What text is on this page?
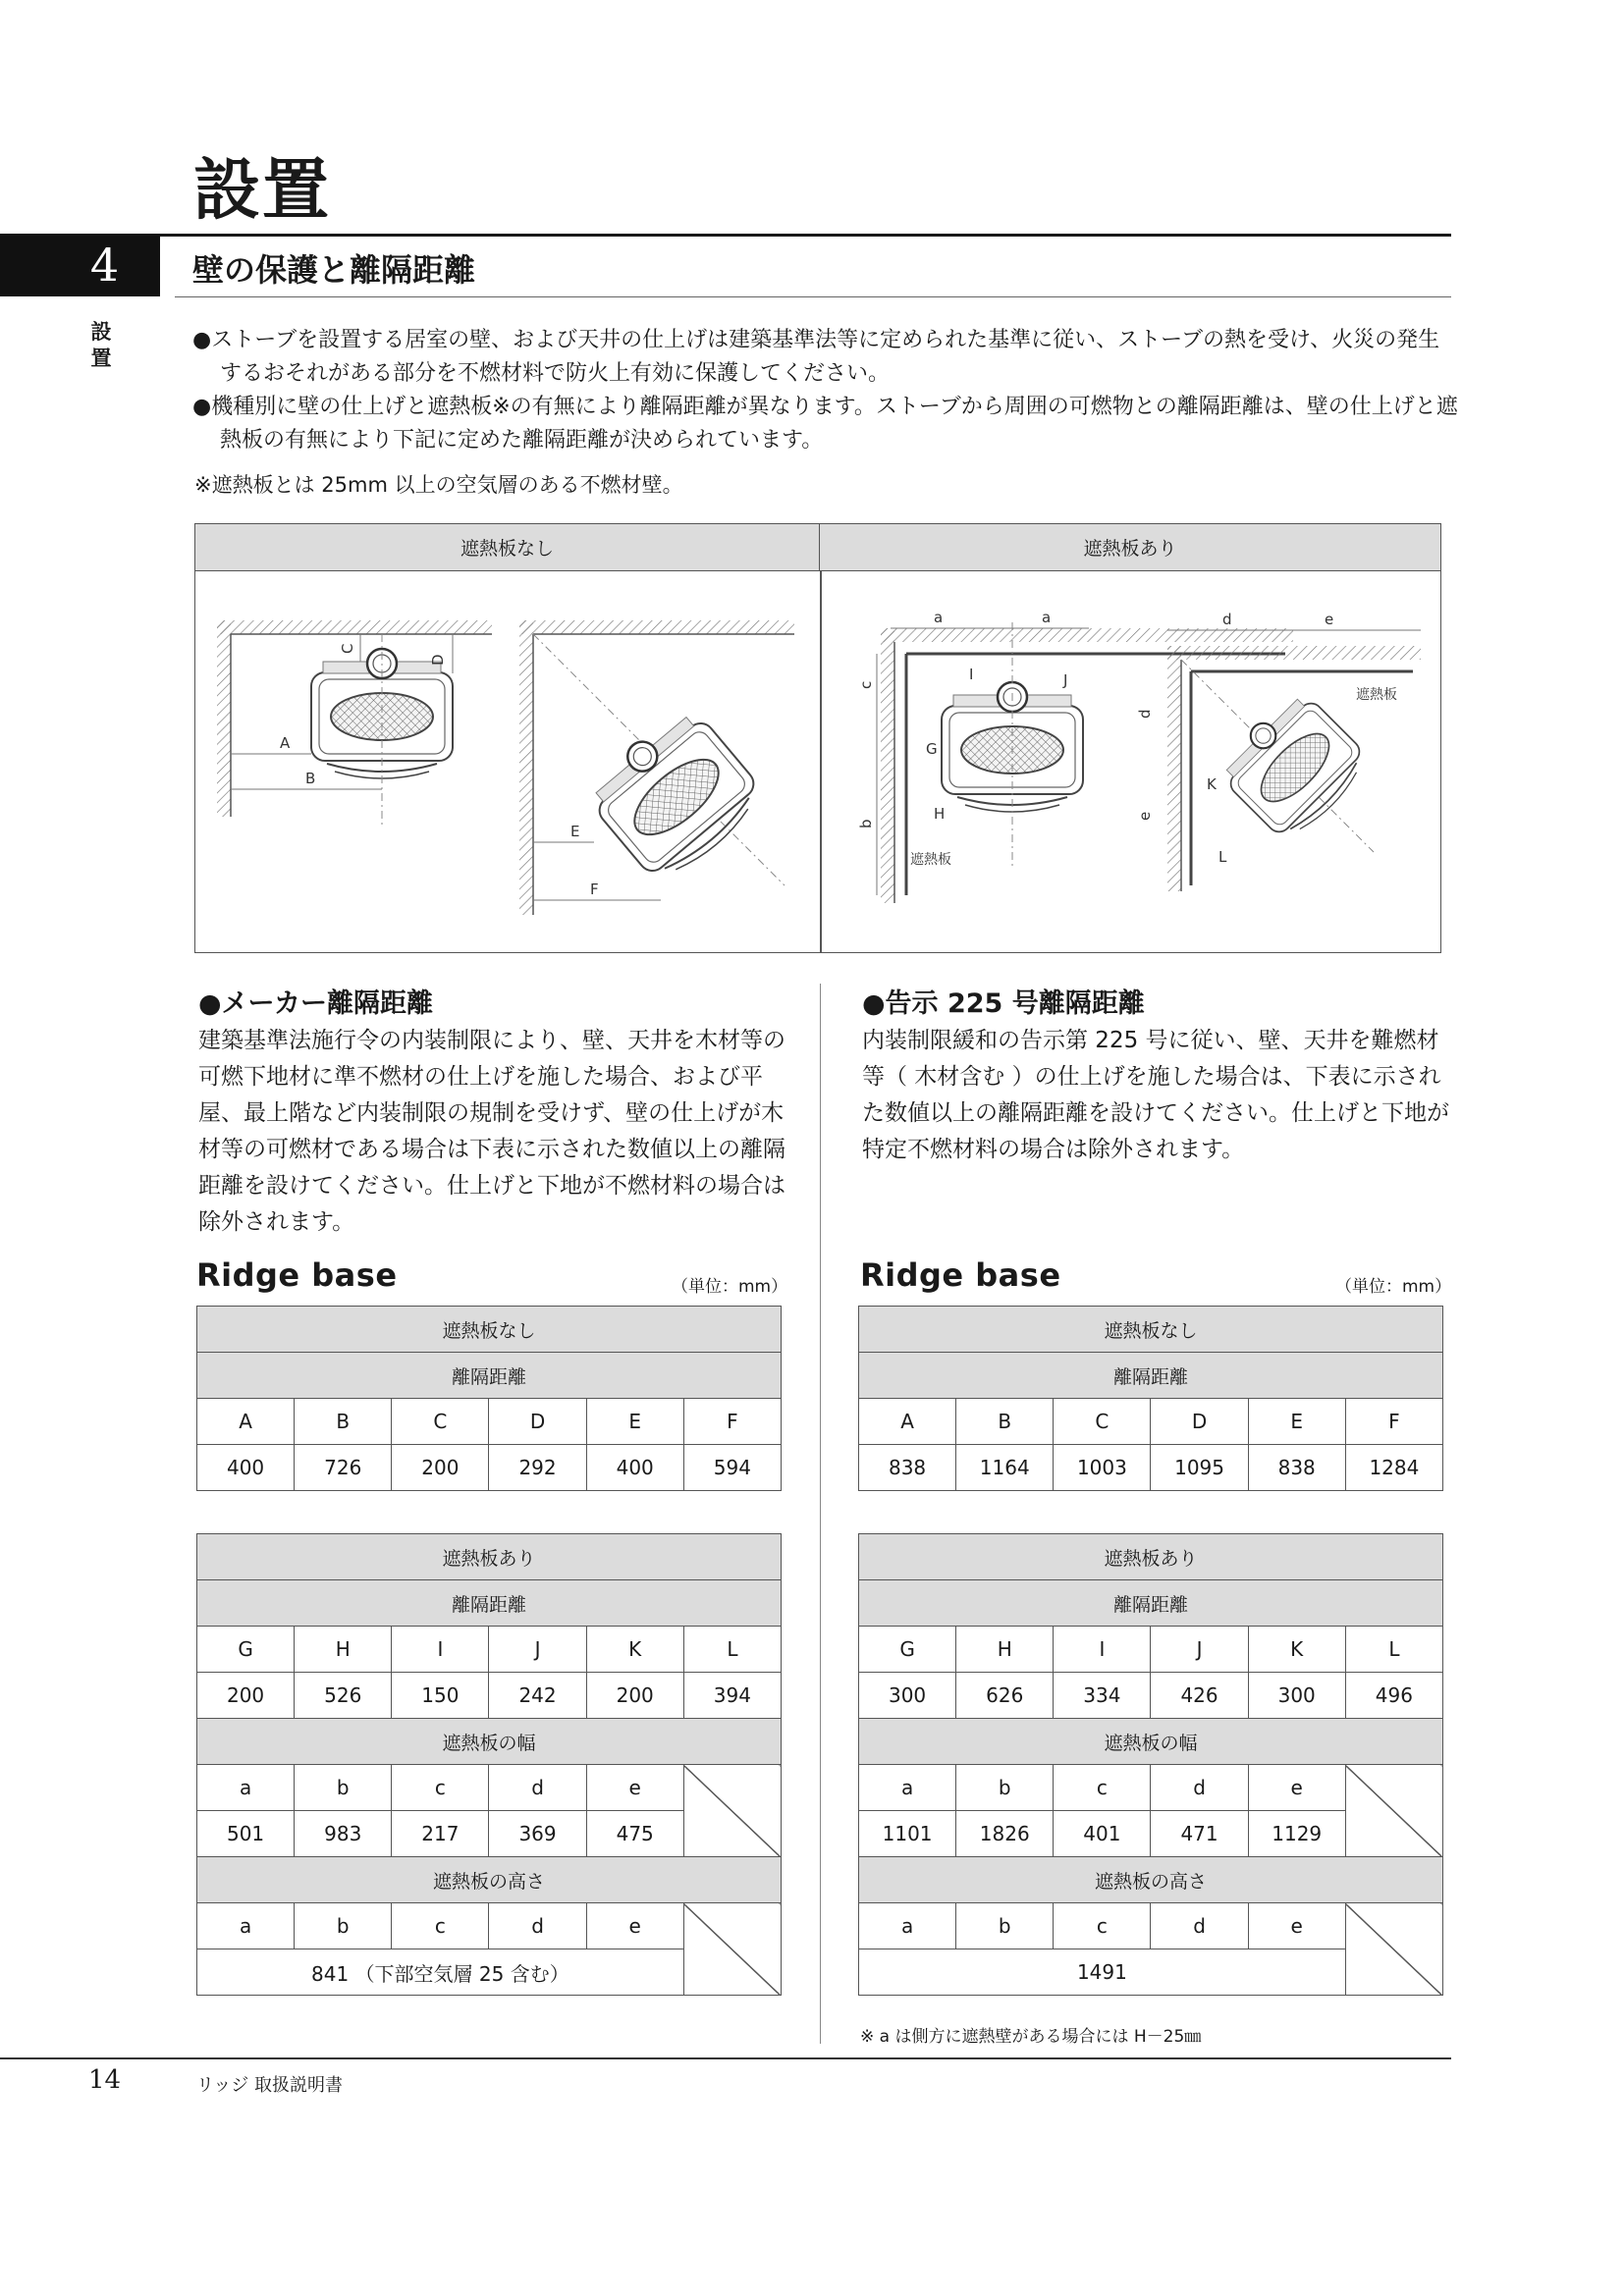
設置
4	壁の保護と離隔距離
設置
●ストーブを設置する居室の壁、および天井の仕上げは建築基準法等に定められた基準に従い、ストーブの熱を受け、火災の発生するおそれがある部分を不燃材料で防火上有効に保護してください。
●機種別に壁の仕上げと遮熱板※の有無により離隔距離が異なります。ストーブから周囲の可燃物との離隔距離は、壁の仕上げと遮熱板の有無により下記に定めた離隔距離が決められています。
※遮熱板とは 25mm 以上の空気層のある不燃材壁。
遮熱板なし	遮熱板あり
A
B
C
D
E
F
a	a
c
b
G
H
I	J
遮熱板
d	e
d
e
K
L
遮熱板
●メーカー離隔距離
建築基準法施行令の内装制限により、壁、天井を木材等の可燃下地材に準不燃材の仕上げを施した場合、および平屋、最上階など内装制限の規制を受けず、壁の仕上げが木材等の可燃材である場合は下表に示された数値以上の離隔距離を設けてください。仕上げと下地が不燃材料の場合は除外されます。
Ridge base	（単位：mm）
遮熱板なし					
離隔距離					
A	B	C	D	E	F
400	726	200	292	400	594
遮熱板あり					
離隔距離					
G	H	I	J	K	L
200	526	150	242	200	394
遮熱板の幅					
a	b	c	d	e	
501	983	217	369	475	
遮熱板の高さ					
a	b	c	d	e	
841 （下部空気層 25 含む）					
●告示 225 号離隔距離
内装制限緩和の告示第 225 号に従い、壁、天井を難燃材等（ 木材含む ）の仕上げを施した場合は、下表に示された数値以上の離隔距離を設けてください。仕上げと下地が特定不燃材料の場合は除外されます。
Ridge base	（単位：mm）
遮熱板なし					
離隔距離					
A	B	C	D	E	F
838	1164	1003	1095	838	1284
遮熱板あり					
離隔距離					
G	H	I	J	K	L
300	626	334	426	300	496
遮熱板の幅					
a	b	c	d	e	
1101	1826	401	471	1129	
遮熱板の高さ					
a	b	c	d	e	
1491					
※ a は側方に遮熱壁がある場合には H－25㎜
14	リッジ 取扱説明書
